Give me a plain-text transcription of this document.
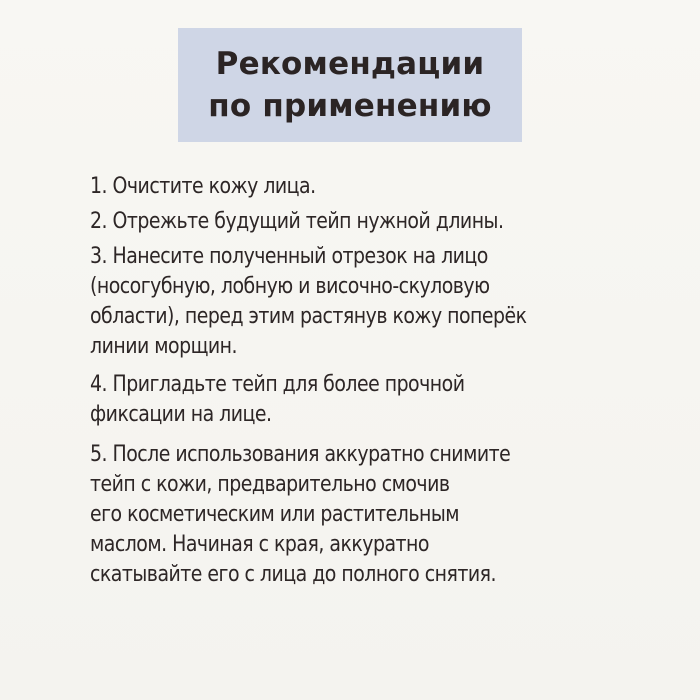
Рекомендации
по применению
1. Очистите кожу лица.
2. Отрежьте будущий тейп нужной длины.
3. Нанесите полученный отрезок на лицо
(носогубную, лобную и височно-скуловую
области), перед этим растянув кожу поперёк
линии морщин.
4. Пригладьте тейп для более прочной
фиксации на лице.
5. После использования аккуратно снимите
тейп с кожи, предварительно смочив
его косметическим или растительным
маслом. Начиная с края, аккуратно
скатывайте его с лица до полного снятия.
